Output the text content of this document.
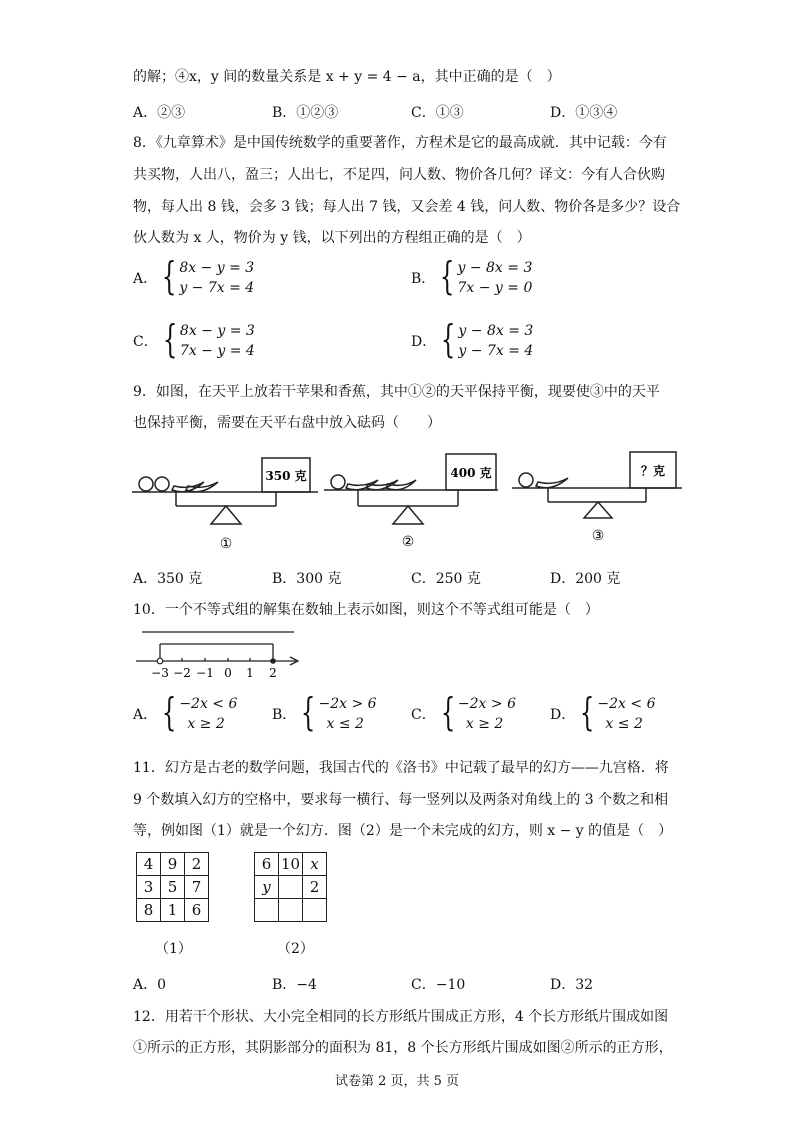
的解；④x，y 间的数量关系是 x + y = 4 − a，其中正确的是（　）
A．②③	B．①②③	C．①③	D．①③④
8．《九章算术》是中国传统数学的重要著作，方程术是它的最高成就．其中记载：今有
共买物，人出八，盈三；人出七，不足四，问人数、物价各几何？译文：今有人合伙购
物，每人出 8 钱，会多 3 钱；每人出 7 钱，又会差 4 钱，问人数、物价各是多少？设合
伙人数为 x 人，物价为 y 钱，以下列出的方程组正确的是（　）
A． { 8x − y = 3
y − 7x = 4
B． { y − 8x = 3
7x − y = 0
C． { 8x − y = 3
7x − y = 4
D． { y − 8x = 3
y − 7x = 4
9．如图，在天平上放若干苹果和香蕉，其中①②的天平保持平衡，现要使③中的天平
也保持平衡，需要在天平右盘中放入砝码（　　）
350 克
①
400 克
②
？克
③
A．350 克	B．300 克	C．250 克	D．200 克
10．一个不等式组的解集在数轴上表示如图，则这个不等式组可能是（　）
−3 −2 −1 0 1 2
A． { −2x < 6
x ≥ 2
B． { −2x > 6
x ≤ 2
C． { −2x > 6
x ≥ 2
D． { −2x < 6
x ≤ 2
11．幻方是古老的数学问题，我国古代的《洛书》中记载了最早的幻方——九宫格．将
9 个数填入幻方的空格中，要求每一横行、每一竖列以及两条对角线上的 3 个数之和相
等，例如图（1）就是一个幻方．图（2）是一个未完成的幻方，则 x − y 的值是（　）
4	9	2
3	5	7
8	1	6
（1）
6	10	x
y		2

（2）
A．0	B．−4	C．−10	D．32
12．用若干个形状、大小完全相同的长方形纸片围成正方形，4 个长方形纸片围成如图
①所示的正方形，其阴影部分的面积为 81，8 个长方形纸片围成如图②所示的正方形，
试卷第 2 页，共 5 页
